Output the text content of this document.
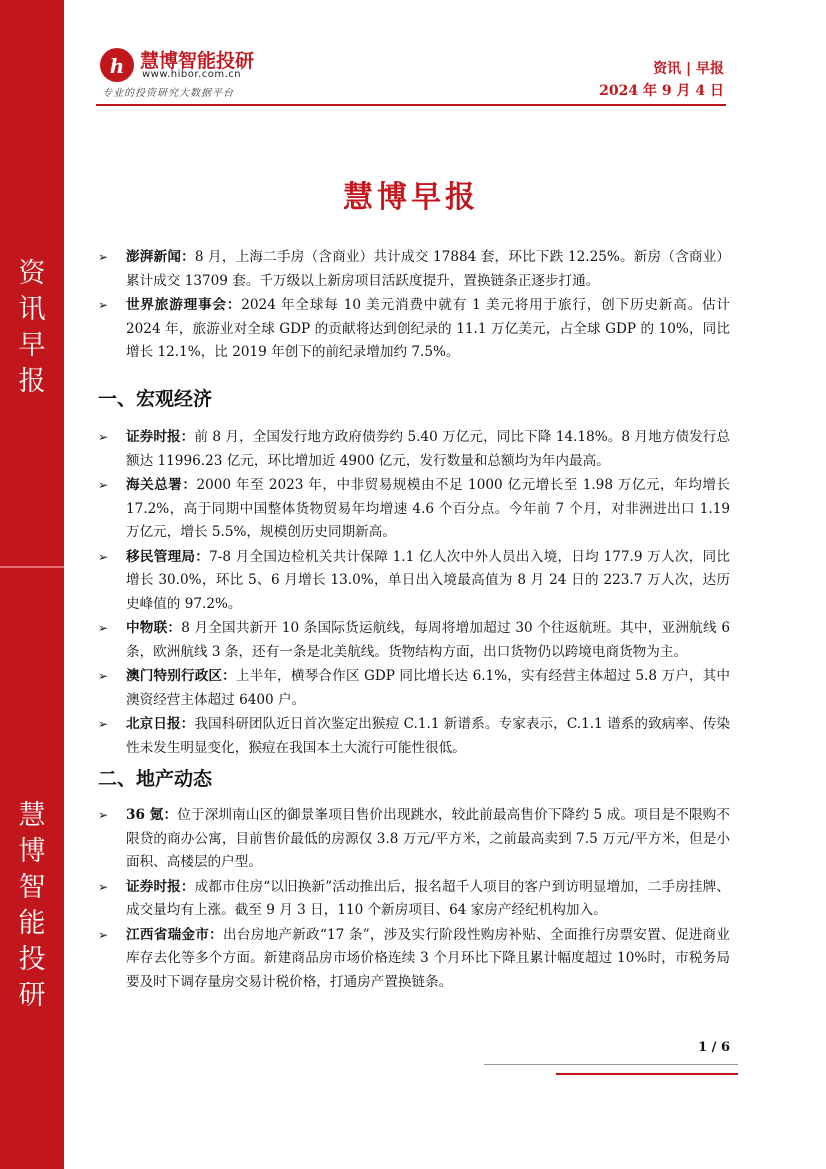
资
讯
早
报
慧
博
智
能
投
研
h 慧博智能投研
www.hibor.com.cn
专业的投资研究大数据平台
资讯 | 早报
2024 年 9 月 4 日
慧博早报
➢ 澎湃新闻：8 月，上海二手房（含商业）共计成交 17884 套，环比下跌 12.25%。新房（含商业）累计成交 13709 套。千万级以上新房项目活跃度提升，置换链条正逐步打通。
➢ 世界旅游理事会：2024 年全球每 10 美元消费中就有 1 美元将用于旅行，创下历史新高。估计 2024 年，旅游业对全球 GDP 的贡献将达到创纪录的 11.1 万亿美元，占全球 GDP 的 10%，同比增长 12.1%，比 2019 年创下的前纪录增加约 7.5%。
一、宏观经济
➢ 证券时报：前 8 月，全国发行地方政府债券约 5.40 万亿元，同比下降 14.18%。8 月地方债发行总额达 11996.23 亿元，环比增加近 4900 亿元，发行数量和总额均为年内最高。
➢ 海关总署：2000 年至 2023 年，中非贸易规模由不足 1000 亿元增长至 1.98 万亿元，年均增长 17.2%，高于同期中国整体货物贸易年均增速 4.6 个百分点。今年前 7 个月，对非洲进出口 1.19 万亿元，增长 5.5%，规模创历史同期新高。
➢ 移民管理局：7-8 月全国边检机关共计保障 1.1 亿人次中外人员出入境，日均 177.9 万人次，同比增长 30.0%，环比 5、6 月增长 13.0%，单日出入境最高值为 8 月 24 日的 223.7 万人次，达历史峰值的 97.2%。
➢ 中物联：8 月全国共新开 10 条国际货运航线，每周将增加超过 30 个往返航班。其中，亚洲航线 6 条，欧洲航线 3 条，还有一条是北美航线。货物结构方面，出口货物仍以跨境电商货物为主。
➢ 澳门特别行政区：上半年，横琴合作区 GDP 同比增长达 6.1%，实有经营主体超过 5.8 万户，其中澳资经营主体超过 6400 户。
➢ 北京日报：我国科研团队近日首次鉴定出猴痘 C.1.1 新谱系。专家表示，C.1.1 谱系的致病率、传染性未发生明显变化，猴痘在我国本土大流行可能性很低。
二、地产动态
➢ 36 氪：位于深圳南山区的御景峯项目售价出现跳水，较此前最高售价下降约 5 成。项目是不限购不限贷的商办公寓，目前售价最低的房源仅 3.8 万元/平方米，之前最高卖到 7.5 万元/平方米，但是小面积、高楼层的户型。
➢ 证券时报：成都市住房“以旧换新”活动推出后，报名超千人项目的客户到访明显增加，二手房挂牌、成交量均有上涨。截至 9 月 3 日，110 个新房项目、64 家房产经纪机构加入。
➢ 江西省瑞金市：出台房地产新政“17 条”，涉及实行阶段性购房补贴、全面推行房票安置、促进商业库存去化等多个方面。新建商品房市场价格连续 3 个月环比下降且累计幅度超过 10%时，市税务局要及时下调存量房交易计税价格，打通房产置换链条。
1 / 6
